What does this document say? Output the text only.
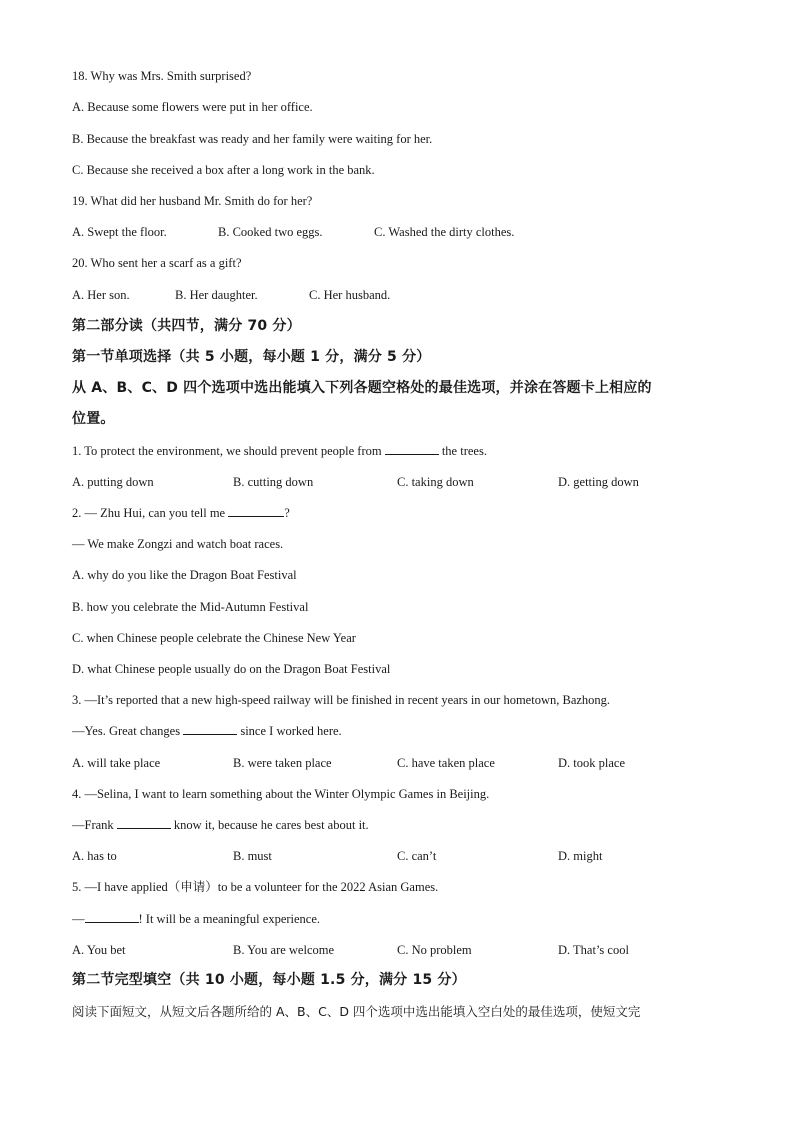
18. Why was Mrs. Smith surprised?
A. Because some flowers were put in her office.
B. Because the breakfast was ready and her family were waiting for her.
C. Because she received a box after a long work in the bank.
19. What did her husband Mr. Smith do for her?
A. Swept the floor.	B. Cooked two eggs.	C. Washed the dirty clothes.
20. Who sent her a scarf as a gift?
A. Her son.	B. Her daughter.	C. Her husband.
第二部分读（共四节，满分 70 分）
第一节单项选择（共 5 小题，每小题 1 分，满分 5 分）
从 A、B、C、D 四个选项中选出能填入下列各题空格处的最佳选项，并涂在答题卡上相应的
位置。
1. To protect the environment, we should prevent people from	the trees.
A. putting down	B. cutting down	C. taking down	D. getting down
2. — Zhu Hui, can you tell me	?
— We make Zongzi and watch boat races.
A. why do you like the Dragon Boat Festival
B. how you celebrate the Mid-Autumn Festival
C. when Chinese people celebrate the Chinese New Year
D. what Chinese people usually do on the Dragon Boat Festival
3. —It’s reported that a new high-speed railway will be finished in recent years in our hometown, Bazhong.
—Yes. Great changes	since I worked here.
A. will take place	B. were taken place	C. have taken place	D. took place
4. —Selina, I want to learn something about the Winter Olympic Games in Beijing.
—Frank	know it, because he cares best about it.
A. has to	B. must	C. can’t	D. might
5. —I have applied（申请）to be a volunteer for the 2022 Asian Games.
—	! It will be a meaningful experience.
A. You bet	B. You are welcome	C. No problem	D. That’s cool
第二节完型填空（共 10 小题，每小题 1.5 分，满分 15 分）
阅读下面短文，从短文后各题所给的 A、B、C、D 四个选项中选出能填入空白处的最佳选项，使短文完
